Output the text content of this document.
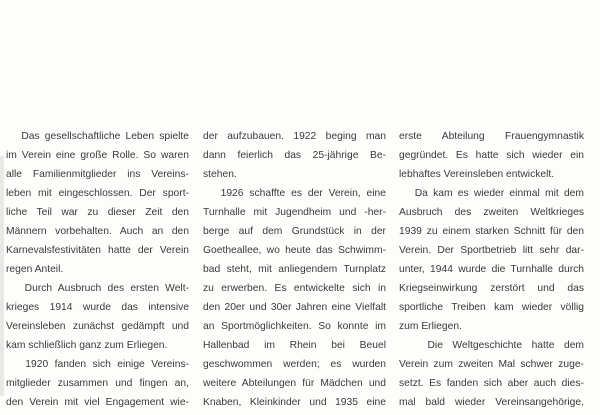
Das gesellschaftliche Leben spielte
im Verein eine große Rolle. So waren
alle Familienmitglieder ins Vereins-
leben mit eingeschlossen. Der sport-
liche Teil war zu dieser Zeit den
Männern vorbehalten. Auch an den
Karnevalsfestivitäten hatte der Verein
regen Anteil.
Durch Ausbruch des ersten Welt-
krieges 1914 wurde das intensive
Vereinsleben zunächst gedämpft und
kam schließlich ganz zum Erliegen.
1920 fanden sich einige Vereins-
mitglieder zusammen und fingen an,
den Verein mit viel Engagement wie-
der aufzubauen. 1922 beging man
dann feierlich das 25-jährige Be-
stehen.
1926 schaffte es der Verein, eine
Turnhalle mit Jugendheim und -her-
berge auf dem Grundstück in der
Goetheallee, wo heute das Schwimm-
bad steht, mit anliegendem Turnplatz
zu erwerben. Es entwickelte sich in
den 20er und 30er Jahren eine Vielfalt
an Sportmöglichkeiten. So konnte im
Hallenbad   im   Rhein   bei   Beuel
geschwommen   werden;   es   wurden
weitere Abteilungen für Mädchen und
Knaben, Kleinkinder und 1935 eine
erste  Abteilung  Frauengymnastik
gegründet. Es hatte sich wieder ein
lebhaftes Vereinsleben entwickelt.
Da kam es wieder einmal mit dem
Ausbruch des zweiten Weltkrieges
1939 zu einem starken Schnitt für den
Verein. Der Sportbetrieb litt sehr dar-
unter, 1944 wurde die Turnhalle durch
Kriegseinwirkung zerstört und das
sportliche Treiben kam wieder völlig
zum Erliegen.
Die Weltgeschichte hatte dem
Verein zum zweiten Mal schwer zuge-
setzt. Es fanden sich aber auch dies-
mal bald wieder Vereinsangehörige,
